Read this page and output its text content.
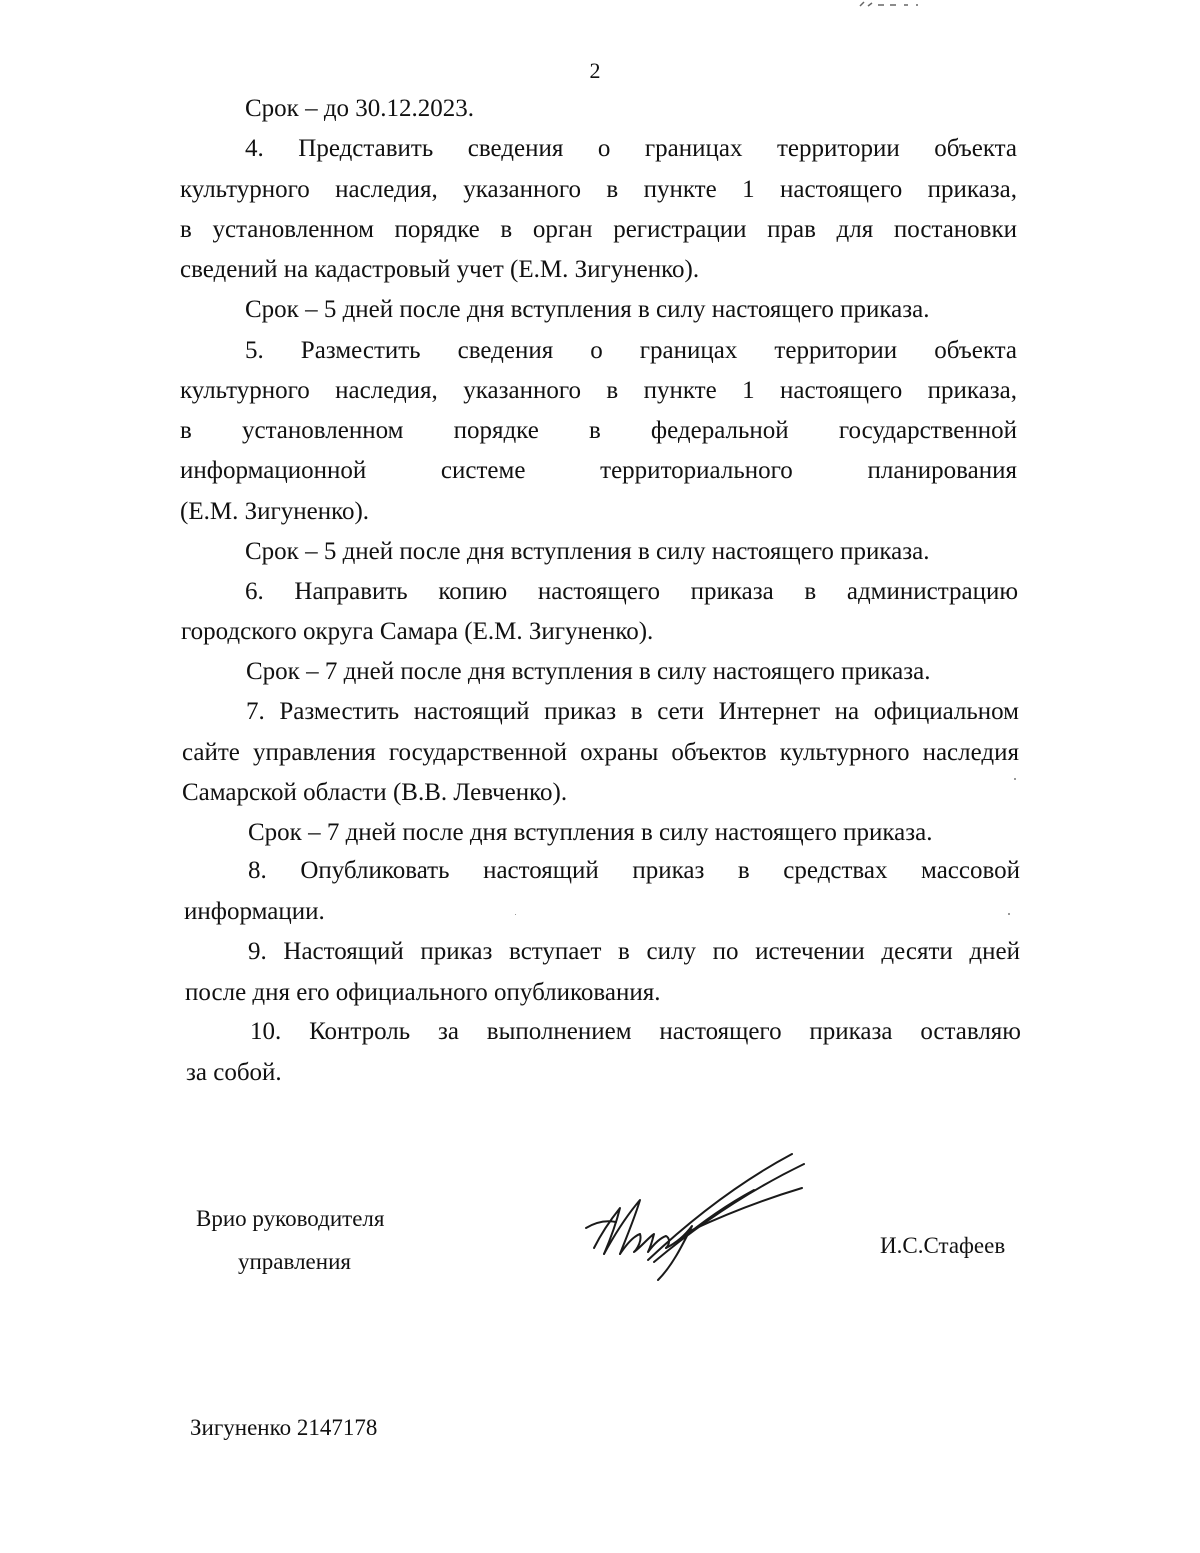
2
Срок – до 30.12.2023.
4. Представить сведения о границах территории объекта
культурного наследия, указанного в пункте 1 настоящего приказа,
в установленном порядке в орган регистрации прав для постановки
сведений на кадастровый учет (Е.М. Зигуненко).
Срок – 5 дней после дня вступления в силу настоящего приказа.
5. Разместить сведения о границах территории объекта
культурного наследия, указанного в пункте 1 настоящего приказа,
в установленном порядке в федеральной государственной
информационной системе территориального планирования
(Е.М. Зигуненко).
Срок – 5 дней после дня вступления в силу настоящего приказа.
6. Направить копию настоящего приказа в администрацию
городского округа Самара (Е.М. Зигуненко).
Срок – 7 дней после дня вступления в силу настоящего приказа.
7. Разместить настоящий приказ в сети Интернет на официальном
сайте управления государственной охраны объектов культурного наследия
Самарской области (В.В. Левченко).
Срок – 7 дней после дня вступления в силу настоящего приказа.
8. Опубликовать настоящий приказ в средствах массовой
информации.
9. Настоящий приказ вступает в силу по истечении десяти дней
после дня его официального опубликования.
10. Контроль за выполнением настоящего приказа оставляю
за собой.
Врио руководителя
управления
И.С.Стафеев
Зигуненко 2147178
